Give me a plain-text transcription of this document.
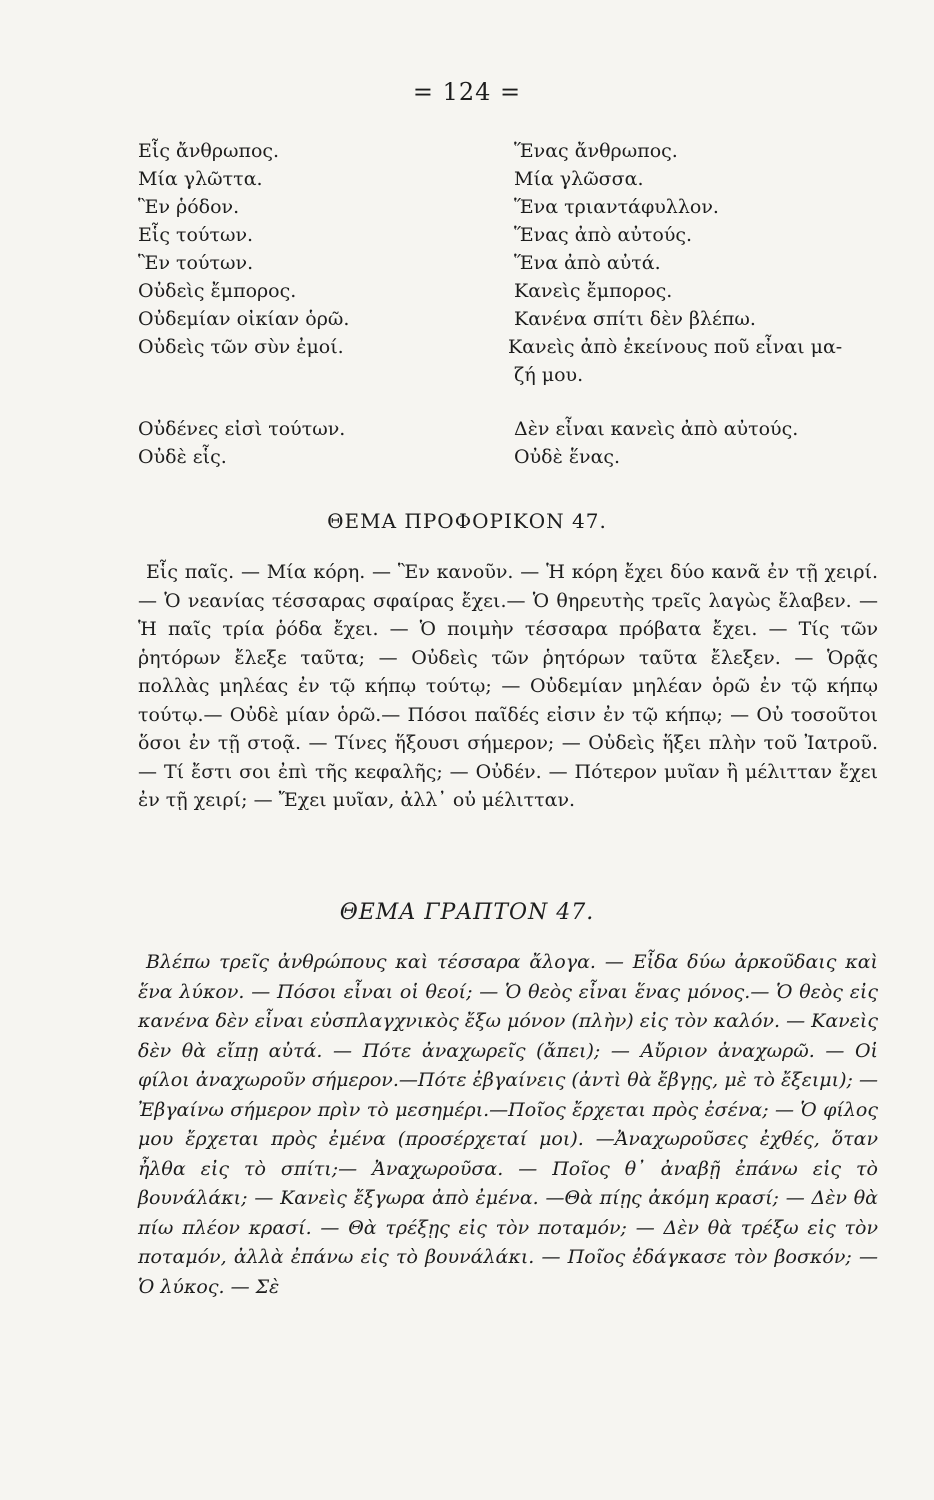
= 124 =
Εἷς ἄνθρωπος.	Ἕνας ἄνθρωπος.
Μία γλῶττα.	Μία γλῶσσα.
Ἓν ῥόδον.	Ἕνα τριαντάφυλλον.
Εἷς τούτων.	Ἕνας ἀπὸ αὐτούς.
Ἓν τούτων.	Ἕνα ἀπὸ αὐτά.
Οὐδεὶς ἔμπορος.	Κανεὶς ἔμπορος.
Οὐδεμίαν οἰκίαν ὁρῶ.	Κανένα σπίτι δὲν βλέπω.
Οὐδεὶς τῶν σὺν ἐμοί.	Κανεὶς ἀπὸ ἐκείνους ποῦ εἶναι μα-
ζή μου.
Οὐδένες εἰσὶ τούτων.	Δὲν εἶναι κανεὶς ἀπὸ αὐτούς.
Οὐδὲ εἷς.	Οὐδὲ ἕνας.
ΘΕΜΑ ΠΡΟΦΟΡΙΚΟΝ 47.

Εἷς παῖς. — Μία κόρη. — Ἓν κανοῦν. — Ἡ κόρη ἔχει δύο κανᾶ ἐν τῇ χειρί. — Ὁ νεανίας τέσσαρας σφαίρας ἔχει.— Ὁ θηρευτὴς τρεῖς λαγὼς ἔλαβεν. — Ἡ παῖς τρία ῥόδα ἔχει. — Ὁ ποιμὴν τέσσαρα πρόβατα ἔχει. — Τίς τῶν ῥητόρων ἔλεξε ταῦτα; — Οὐδεὶς τῶν ῥητόρων ταῦτα ἔλεξεν. — Ὁρᾷς πολλὰς μηλέας ἐν τῷ κήπῳ τούτῳ; — Οὐδεμίαν μηλέαν ὁρῶ ἐν τῷ κήπῳ τούτῳ.— Οὐδὲ μίαν ὁρῶ.— Πόσοι παῖδές εἰσιν ἐν τῷ κήπῳ; — Οὐ τοσοῦτοι ὅσοι ἐν τῇ στοᾷ. — Τίνες ἥξουσι σήμερον; — Οὐδεὶς ἥξει πλὴν τοῦ Ἰατροῦ. — Τί ἔστι σοι ἐπὶ τῆς κεφαλῆς; — Οὐδέν. — Πότερον μυῖαν ἢ μέλιτταν ἔχει ἐν τῇ χειρί; — Ἔχει μυῖαν, ἀλλ᾽ οὐ μέλιτταν.

ΘΕΜΑ ΓΡΑΠΤΟΝ 47.

Βλέπω τρεῖς ἀνθρώπους καὶ τέσσαρα ἄλογα. — Εἶδα δύω ἀρκοῦδαις καὶ ἕνα λύκον. — Πόσοι εἶναι οἱ θεοί; — Ὁ θεὸς εἶναι ἕνας μόνος.— Ὁ θεὸς εἰς κανένα δὲν εἶναι εὐσπλαγχνικὸς ἔξω μόνον (πλὴν) εἰς τὸν καλόν. — Κανεὶς δὲν θὰ εἴπῃ αὐτά. — Πότε ἀναχωρεῖς (ἄπει); — Αὔριον ἀναχωρῶ. — Οἱ φίλοι ἀναχωροῦν σήμερον.—Πότε ἐβγαίνεις (ἀντὶ θὰ ἔβγῃς, μὲ τὸ ἔξειμι); —Ἐβγαίνω σήμερον πρὶν τὸ μεσημέρι.—Ποῖος ἔρχεται πρὸς ἐσένα; — Ὁ φίλος μου ἔρχεται πρὸς ἐμένα (προσέρχεταί μοι). —Ἀναχωροῦσες ἐχθές, ὅταν ἦλθα εἰς τὸ σπίτι;— Ἀναχωροῦσα. — Ποῖος θ᾽ ἀναβῇ ἐπάνω εἰς τὸ βουνάλάκι; — Κανεὶς ἔξγωρα ἀπὸ ἐμένα. —Θὰ πίῃς ἀκόμη κρασί; — Δὲν θὰ πίω πλέον κρασί. — Θὰ τρέξῃς εἰς τὸν ποταμόν; — Δὲν θὰ τρέξω εἰς τὸν ποταμόν, ἀλλὰ ἐπάνω εἰς τὸ βουνάλάκι. — Ποῖος ἐδάγκασε τὸν βοσκόν; —Ὁ λύκος. — Σὲ
